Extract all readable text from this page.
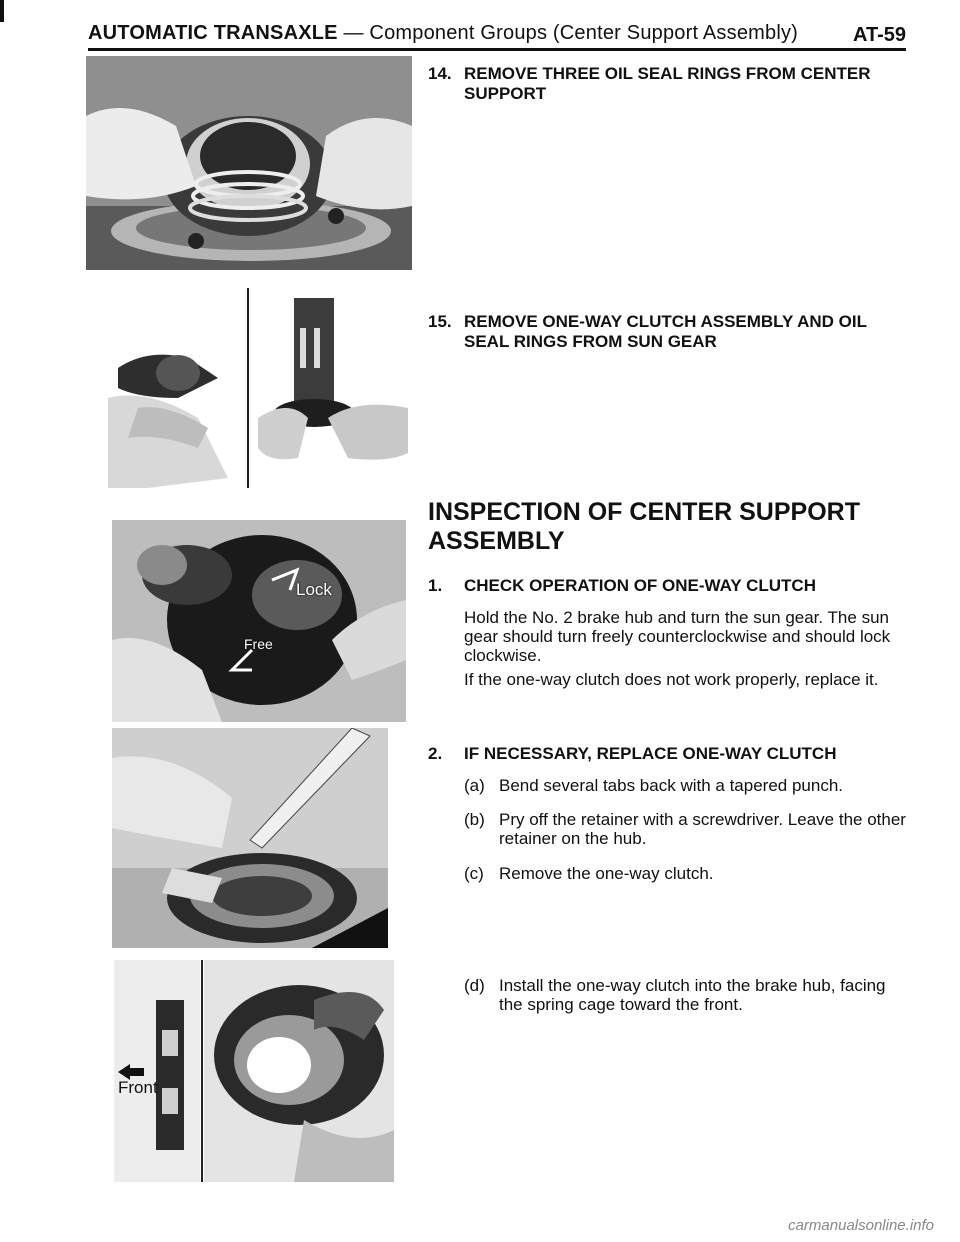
AUTOMATIC TRANSAXLE — Component Groups (Center Support Assembly)	AT-59
Lock
Free
Front
14. REMOVE THREE OIL SEAL RINGS FROM CENTER SUPPORT
15. REMOVE ONE-WAY CLUTCH ASSEMBLY AND OIL SEAL RINGS FROM SUN GEAR
INSPECTION OF CENTER SUPPORT ASSEMBLY
1. CHECK OPERATION OF ONE-WAY CLUTCH
Hold the No. 2 brake hub and turn the sun gear. The sun gear should turn freely counterclockwise and should lock clockwise.
If the one-way clutch does not work properly, replace it.
2. IF NECESSARY, REPLACE ONE-WAY CLUTCH
(a) Bend several tabs back with a tapered punch.
(b) Pry off the retainer with a screwdriver. Leave the other retainer on the hub.
(c) Remove the one-way clutch.
(d) Install the one-way clutch into the brake hub, facing the spring cage toward the front.
carmanualsonline.info
